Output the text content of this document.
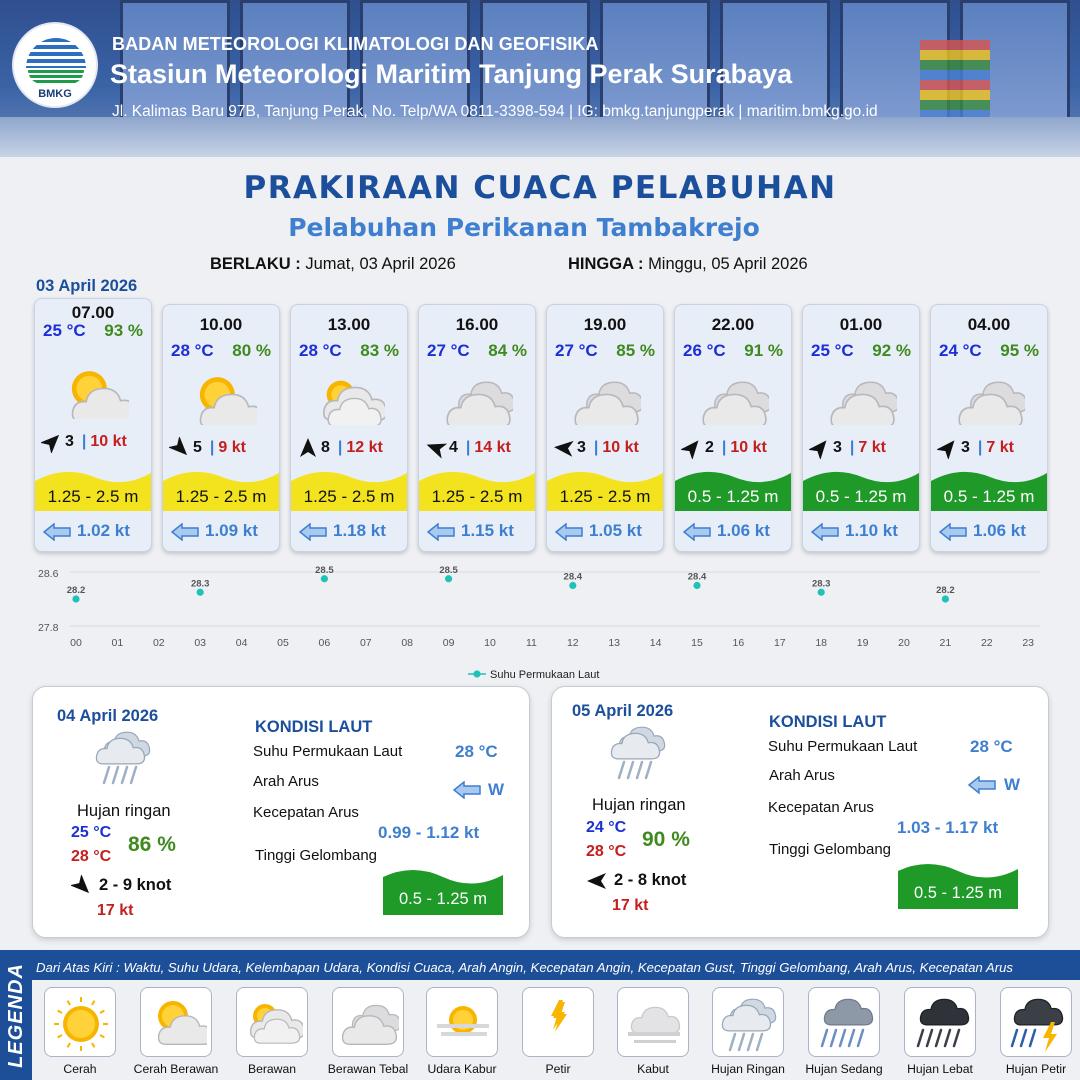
BMKG
BADAN METEOROLOGI KLIMATOLOGI DAN GEOFISIKA
Stasiun Meteorologi Maritim Tanjung Perak Surabaya
Jl. Kalimas Baru 97B, Tanjung Perak, No. Telp/WA 0811-3398-594 | IG: bmkg.tanjungperak | maritim.bmkg.go.id
PRAKIRAAN CUACA PELABUHAN
Pelabuhan Perikanan Tambakrejo
BERLAKU : Jumat, 03 April 2026	HINGGA : Minggu, 05 April 2026
03 April 2026
07.00
25 °C 93 %
3 | 10 kt
1.25 - 2.5 m
1.02 kt
10.00
28 °C 80 %
5 | 9 kt
1.25 - 2.5 m
1.09 kt
13.00
28 °C 83 %
8 | 12 kt
1.25 - 2.5 m
1.18 kt
16.00
27 °C 84 %
4 | 14 kt
1.25 - 2.5 m
1.15 kt
19.00
27 °C 85 %
3 | 10 kt
1.25 - 2.5 m
1.05 kt
22.00
26 °C 91 %
2 | 10 kt
0.5 - 1.25 m
1.06 kt
01.00
25 °C 92 %
3 | 7 kt
0.5 - 1.25 m
1.10 kt
04.00
24 °C 95 %
3 | 7 kt
0.5 - 1.25 m
1.06 kt
28.6
27.8
00	01	02	03	04	05	06	07	08	09	10	11	12	13	14	15	16	17	18	19	20	21	22	23
28.2
28.3
28.5	28.5
28.4	28.4
28.3
28.2
Suhu Permukaan Laut
04 April 2026
Hujan ringan
25 °C
28 °C
86 %
2 - 9 knot
17 kt
KONDISI LAUT
Suhu Permukaan Laut	28 °C
Arah Arus	W
Kecepatan Arus
0.99 - 1.12 kt
Tinggi Gelombang
0.5 - 1.25 m
05 April 2026
Hujan ringan
24 °C
28 °C
90 %
2 - 8 knot
17 kt
KONDISI LAUT
Suhu Permukaan Laut	28 °C
Arah Arus	W
Kecepatan Arus
1.03 - 1.17 kt
Tinggi Gelombang
0.5 - 1.25 m
LEGENDA Dari Atas Kiri : Waktu, Suhu Udara, Kelembapan Udara, Kondisi Cuaca, Arah Angin, Kecepatan Angin, Kecepatan Gust, Tinggi Gelombang, Arah Arus, Kecepatan Arus
Cerah	Cerah Berawan	Berawan	Berawan Tebal	Udara Kabur	Petir	Kabut	Hujan Ringan	Hujan Sedang	Hujan Lebat	Hujan Petir
